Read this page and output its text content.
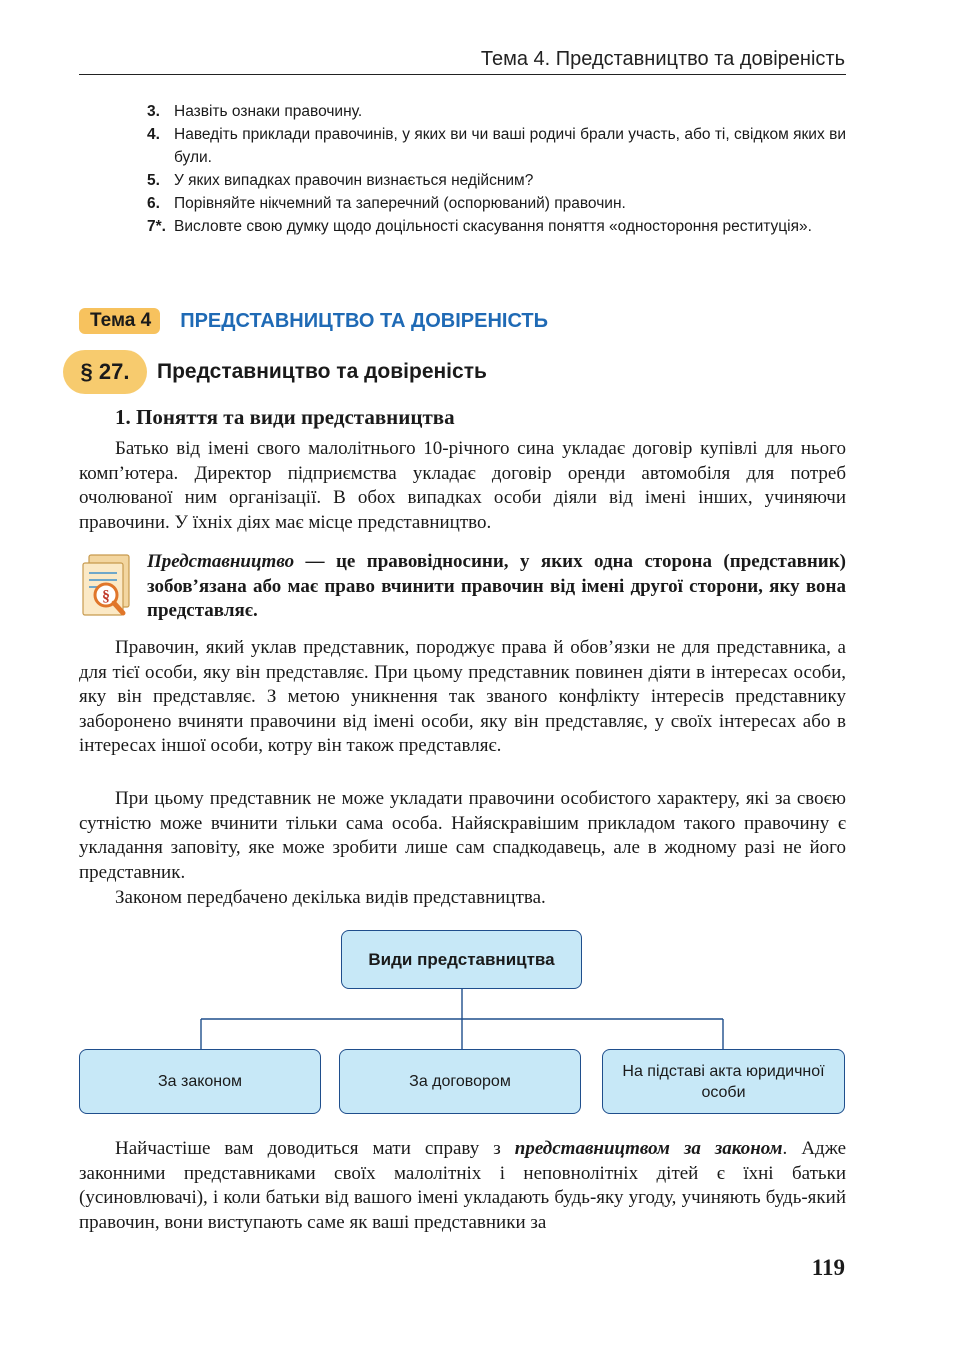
Тема 4. Представництво та довіреність
3. Назвіть ознаки правочину.
4. Наведіть приклади правочинів, у яких ви чи ваші родичі брали участь, або ті, свідком яких ви були.
5. У яких випадках правочин визнається недійсним?
6. Порівняйте нікчемний та заперечний (оспорюваний) правочин.
7*. Висловте свою думку щодо доцільності скасування поняття «одностороння реституція».
Тема 4	ПРЕДСТАВНИЦТВО ТА ДОВІРЕНІСТЬ
§ 27.	Представництво та довіреність
1. Поняття та види представництва

Батько від імені свого малолітнього 10-річного сина укладає договір купівлі для нього комп’ютера. Директор підприємства укладає договір оренди автомобіля для потреб очолюваної ним організації. В обох випадках особи діяли від імені інших, учиняючи правочини. У їхніх діях має місце представництво.

§
Представництво — це правовідносини, у яких одна сторона (представник) зобов’язана або має право вчинити правочин від імені другої сторони, яку вона представляє.

Правочин, який уклав представник, породжує права й обов’язки не для представника, а для тієї особи, яку він представляє. При цьому представник повинен діяти в інтересах особи, яку він представляє. З метою уникнення так званого конфлікту інтересів представнику заборонено вчиняти правочини від імені особи, яку він представляє, у своїх інтересах або в інтересах іншої особи, котру він також представляє.

При цьому представник не може укладати правочини особистого характеру, які за своєю сутністю може вчинити тільки сама особа. Найяскравішим прикладом такого правочину є укладання заповіту, яке може зробити лише сам спадкодавець, але в жодному разі не його представник.

Законом передбачено декілька видів представництва.

Види представництва
За законом	За договором
На підставі акта юридичної особи

Найчастіше вам доводиться мати справу з представництвом за законом. Адже законними представниками своїх малолітніх і неповнолітніх дітей є їхні батьки (усиновлювачі), і коли батьки від вашого імені укладають будь-яку угоду, учиняють будь-який правочин, вони виступають саме як ваші представники за

119
